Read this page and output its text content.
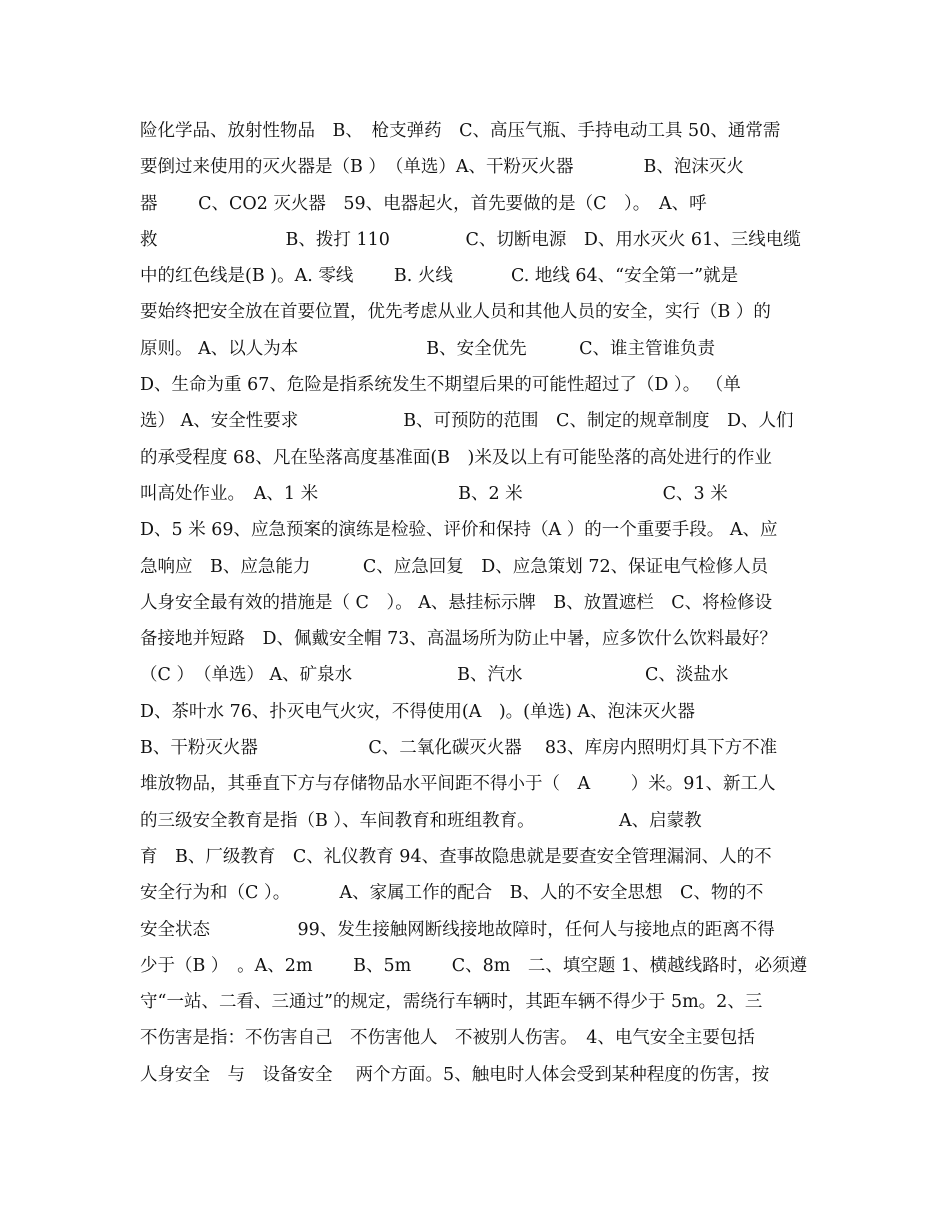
险化学品、放射性物品　B、　枪支弹药　C、高压气瓶、手持电动工具 50、通常需
要倒过来使用的灭火器是（B ）　（单选）A、干粉灭火器　　　　B、泡沫灭火
器　　 C、CO2 灭火器　59、电器起火，首先要做的是（C　）。　A、呼
救　　　　　　　 B、拨打 110　　　　 C、切断电源　D、用水灭火 61、三线电缆
中的红色线是(B )。A. 零线　　 B. 火线　　　 C. 地线 64、“安全第一”就是
要始终把安全放在首要位置，优先考虑从业人员和其他人员的安全，实行（B ）的
原则。 A、以人为本　　　　　　　 B、安全优先　　　C、谁主管谁负责
D、生命为重 67、危险是指系统发生不期望后果的可能性超过了（D ）。 （单
选） A、安全性要求　　　　　　B、可预防的范围　C、制定的规章制度　D、人们
的承受程度 68、凡在坠落高度基准面(B　)米及以上有可能坠落的高处进行的作业
叫高处作业。　A、1 米　　　　　　　　B、2 米　　　　　　　　C、3 米
D、5 米 69、应急预案的演练是检验、评价和保持（A ）的一个重要手段。 A、应
急响应　B、应急能力　　　C、应急回复　D、应急策划 72、保证电气检修人员
人身安全最有效的措施是（ C　）。 A、悬挂标示牌　B、放置遮栏　C、将检修设
备接地并短路　D、佩戴安全帽 73、高温场所为防止中暑，应多饮什么饮料最好？
（C ）　（单选） A、矿泉水　　　　　　B、汽水　　　　　　　C、淡盐水
D、茶叶水 76、扑灭电气火灾，不得使用(A　)。(单选) A、泡沫灭火器
B、干粉灭火器　　　　　　 C、二氧化碳灭火器　 83、库房内照明灯具下方不准
堆放物品，其垂直下方与存储物品水平间距不得小于（　A　　 ）米。91、新工人
的三级安全教育是指（B ）、车间教育和班组教育。　　　　　 A、启蒙教
育　B、厂级教育　C、礼仪教育 94、查事故隐患就是要查安全管理漏洞、人的不
安全行为和（C ）。　　　 A、家属工作的配合　B、人的不安全思想　C、物的不
安全状态　　　　　99、发生接触网断线接地故障时，任何人与接地点的距离不得
少于（B ）　。A、2m　　 B、5m　　 C、8m　二、填空题 1、横越线路时，必须遵
守“一站、二看、三通过”的规定，需绕行车辆时，其距车辆不得少于 5m。2、三
不伤害是指：不伤害自己　不伤害他人　不被别人伤害。　4、电气安全主要包括
人身安全　与　设备安全　 两个方面。5、触电时人体会受到某种程度的伤害，按
